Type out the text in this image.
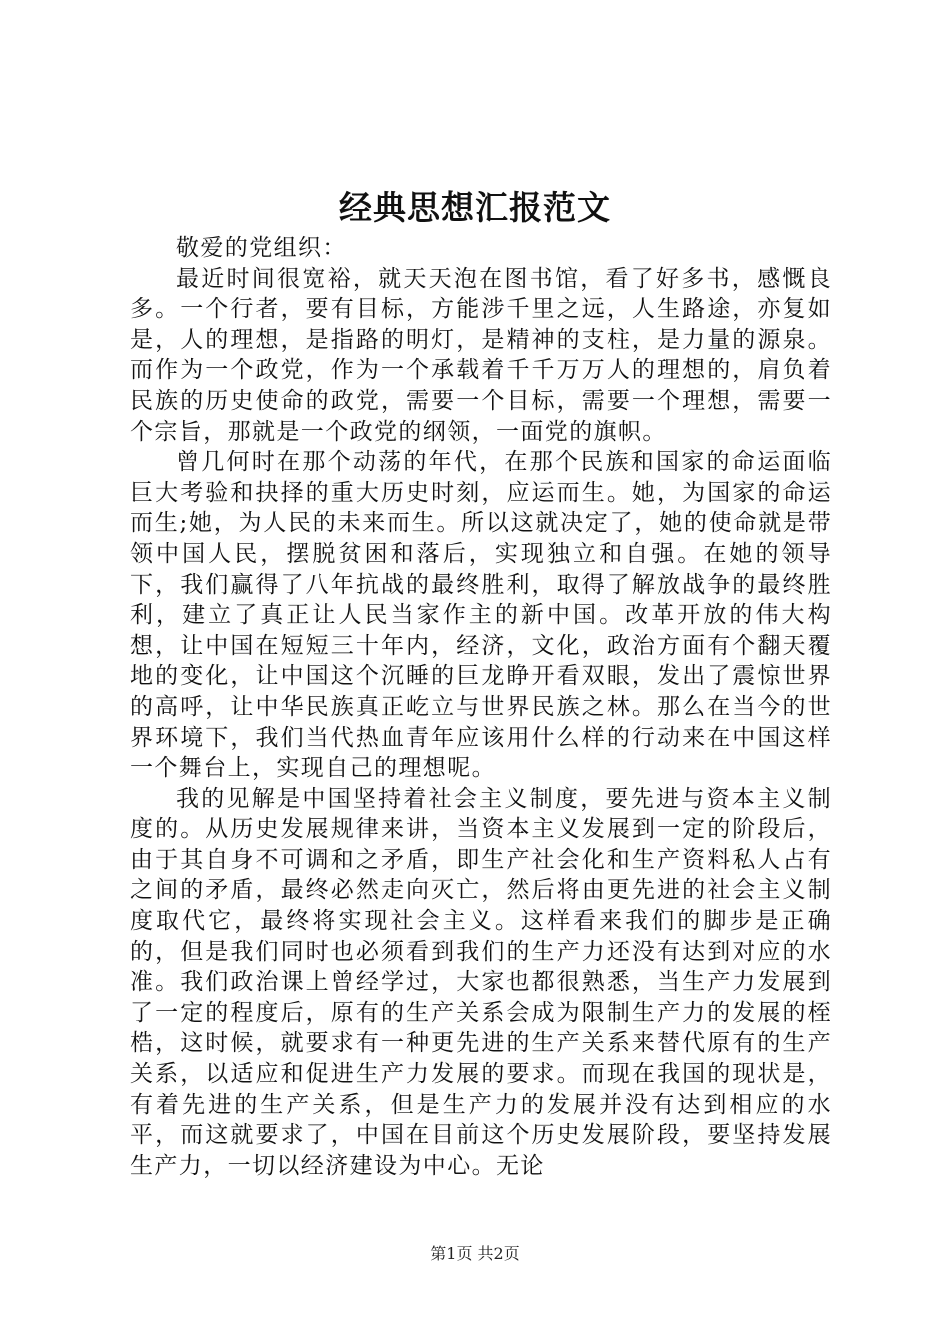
经典思想汇报范文

敬爱的党组织：

最近时间很宽裕，就天天泡在图书馆，看了好多书，感慨良多。一个行者，要有目标，方能涉千里之远，人生路途，亦复如是，人的理想，是指路的明灯，是精神的支柱，是力量的源泉。而作为一个政党，作为一个承载着千千万万人的理想的，肩负着民族的历史使命的政党，需要一个目标，需要一个理想，需要一个宗旨，那就是一个政党的纲领，一面党的旗帜。

曾几何时在那个动荡的年代，在那个民族和国家的命运面临巨大考验和抉择的重大历史时刻，应运而生。她，为国家的命运而生;她，为人民的未来而生。所以这就决定了，她的使命就是带领中国人民，摆脱贫困和落后，实现独立和自强。在她的领导下，我们赢得了八年抗战的最终胜利，取得了解放战争的最终胜利，建立了真正让人民当家作主的新中国。改革开放的伟大构想，让中国在短短三十年内，经济，文化，政治方面有个翻天覆地的变化，让中国这个沉睡的巨龙睁开看双眼，发出了震惊世界的高呼，让中华民族真正屹立与世界民族之林。那么在当今的世界环境下，我们当代热血青年应该用什么样的行动来在中国这样一个舞台上，实现自己的理想呢。

我的见解是中国坚持着社会主义制度，要先进与资本主义制度的。从历史发展规律来讲，当资本主义发展到一定的阶段后，由于其自身不可调和之矛盾，即生产社会化和生产资料私人占有之间的矛盾，最终必然走向灭亡，然后将由更先进的社会主义制度取代它，最终将实现社会主义。这样看来我们的脚步是正确的，但是我们同时也必须看到我们的生产力还没有达到对应的水准。我们政治课上曾经学过，大家也都很熟悉，当生产力发展到了一定的程度后，原有的生产关系会成为限制生产力的发展的桎梏，这时候，就要求有一种更先进的生产关系来替代原有的生产关系，以适应和促进生产力发展的要求。而现在我国的现状是，有着先进的生产关系，但是生产力的发展并没有达到相应的水平，而这就要求了，中国在目前这个历史发展阶段，要坚持发展生产力，一切以经济建设为中心。无论

第1页 共2页
